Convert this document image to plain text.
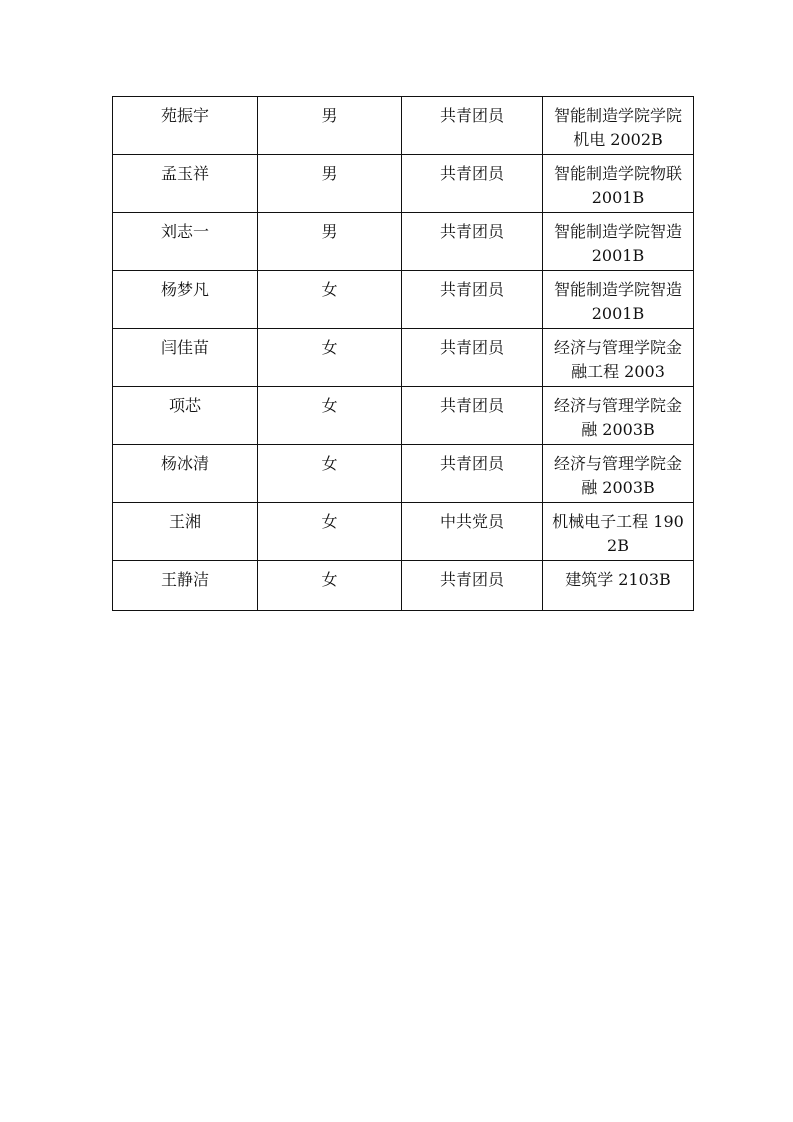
苑振宇	男	共青团员	智能制造学院学院机电 2002B
孟玉祥	男	共青团员	智能制造学院物联 2001B
刘志一	男	共青团员	智能制造学院智造 2001B
杨梦凡	女	共青团员	智能制造学院智造 2001B
闫佳苗	女	共青团员	经济与管理学院金融工程 2003
项芯	女	共青团员	经济与管理学院金融 2003B
杨冰清	女	共青团员	经济与管理学院金融 2003B
王湘	女	中共党员	机械电子工程 1902B
王静洁	女	共青团员	建筑学 2103B
